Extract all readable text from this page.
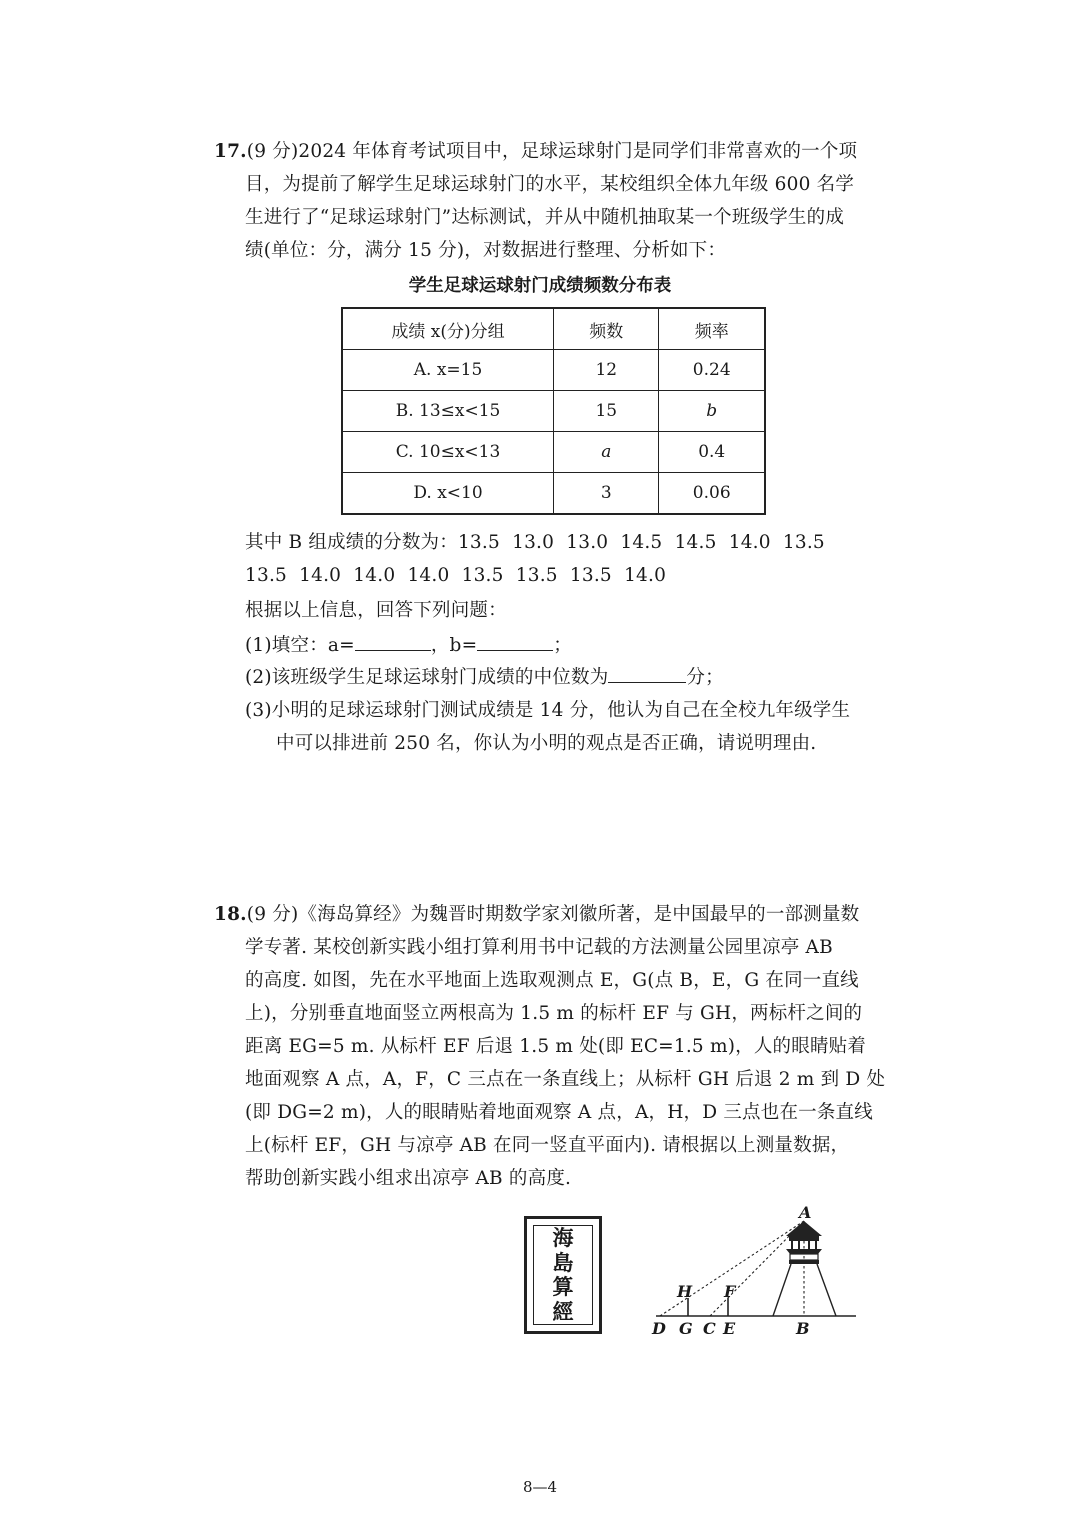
17.(9 分)2024 年体育考试项目中，足球运球射门是同学们非常喜欢的一个项
目，为提前了解学生足球运球射门的水平，某校组织全体九年级 600 名学
生进行了“足球运球射门”达标测试，并从中随机抽取某一个班级学生的成
绩(单位：分，满分 15 分)，对数据进行整理、分析如下：
学生足球运球射门成绩频数分布表
成绩 x(分)分组	频数	频率
A. x=15	12	0.24
B. 13≤x<15	15	b
C. 10≤x<13	a	0.4
D. x<10	3	0.06
其中 B 组成绩的分数为：13.5  13.0  13.0  14.5  14.5  14.0  13.5
13.5  14.0  14.0  14.0  13.5  13.5  13.5  14.0
根据以上信息，回答下列问题：
(1)填空：a=	，b=	；
(2)该班级学生足球运球射门成绩的中位数为	分；
(3)小明的足球运球射门测试成绩是 14 分，他认为自己在全校九年级学生
中可以排进前 250 名，你认为小明的观点是否正确，请说明理由.
18.(9 分)《海岛算经》为魏晋时期数学家刘徽所著，是中国最早的一部测量数
学专著. 某校创新实践小组打算利用书中记载的方法测量公园里凉亭 AB
的高度. 如图，先在水平地面上选取观测点 E，G(点 B，E，G 在同一直线
上)，分别垂直地面竖立两根高为 1.5 m 的标杆 EF 与 GH，两标杆之间的
距离 EG=5 m. 从标杆 EF 后退 1.5 m 处(即 EC=1.5 m)，人的眼睛贴着
地面观察 A 点，A，F，C 三点在一条直线上；从标杆 GH 后退 2 m 到 D 处
(即 DG=2 m)，人的眼睛贴着地面观察 A 点，A，H，D 三点也在一条直线
上(标杆 EF，GH 与凉亭 AB 在同一竖直平面内). 请根据以上测量数据，
帮助创新实践小组求出凉亭 AB 的高度.
海
島
算
經
A
H F
D G C E	B
8—4
